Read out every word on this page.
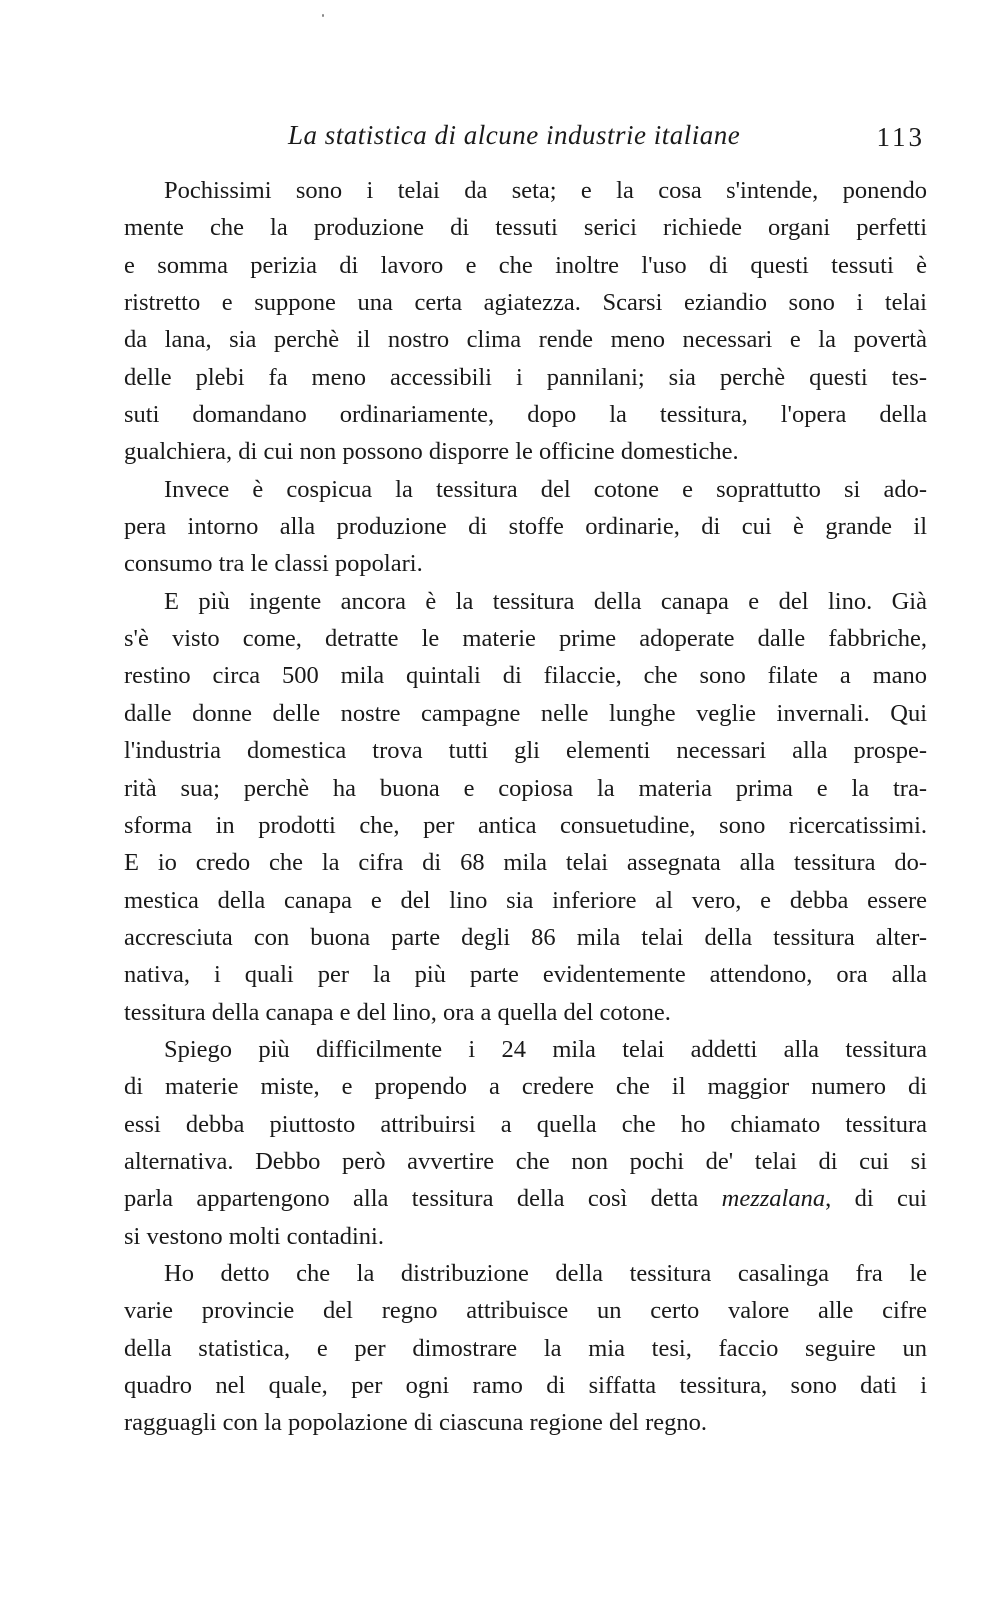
La statistica di alcune industrie italiane	113
Pochissimi sono i telai da seta; e la cosa s'intende, ponendo
mente che la produzione di tessuti serici richiede organi perfetti
e somma perizia di lavoro e che inoltre l'uso di questi tessuti è
ristretto e suppone una certa agiatezza. Scarsi eziandio sono i telai
da lana, sia perchè il nostro clima rende meno necessari e la povertà
delle plebi fa meno accessibili i pannilani; sia perchè questi tes-
suti domandano ordinariamente, dopo la tessitura, l'opera della
gualchiera, di cui non possono disporre le officine domestiche.
Invece è cospicua la tessitura del cotone e soprattutto si ado-
pera intorno alla produzione di stoffe ordinarie, di cui è grande il
consumo tra le classi popolari.
E più ingente ancora è la tessitura della canapa e del lino. Già
s'è visto come, detratte le materie prime adoperate dalle fabbriche,
restino circa 500 mila quintali di filaccie, che sono filate a mano
dalle donne delle nostre campagne nelle lunghe veglie invernali. Qui
l'industria domestica trova tutti gli elementi necessari alla prospe-
rità sua; perchè ha buona e copiosa la materia prima e la tra-
sforma in prodotti che, per antica consuetudine, sono ricercatissimi.
E io credo che la cifra di 68 mila telai assegnata alla tessitura do-
mestica della canapa e del lino sia inferiore al vero, e debba essere
accresciuta con buona parte degli 86 mila telai della tessitura alter-
nativa, i quali per la più parte evidentemente attendono, ora alla
tessitura della canapa e del lino, ora a quella del cotone.
Spiego più difficilmente i 24 mila telai addetti alla tessitura
di materie miste, e propendo a credere che il maggior numero di
essi debba piuttosto attribuirsi a quella che ho chiamato tessitura
alternativa. Debbo però avvertire che non pochi de' telai di cui si
parla appartengono alla tessitura della così detta mezzalana, di cui
si vestono molti contadini.
Ho detto che la distribuzione della tessitura casalinga fra le
varie provincie del regno attribuisce un certo valore alle cifre
della statistica, e per dimostrare la mia tesi, faccio seguire un
quadro nel quale, per ogni ramo di siffatta tessitura, sono dati i
ragguagli con la popolazione di ciascuna regione del regno.
